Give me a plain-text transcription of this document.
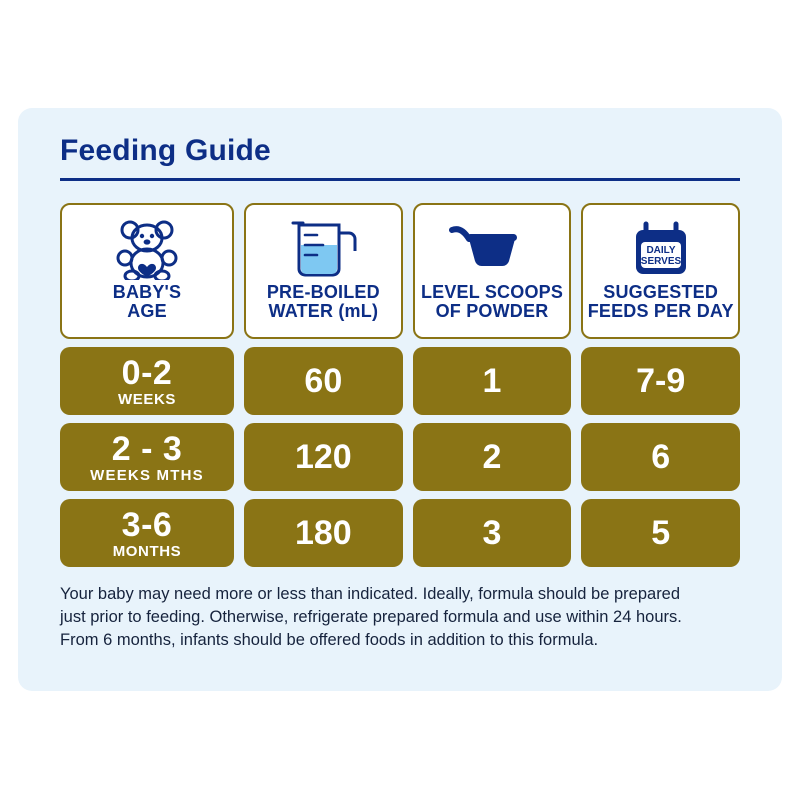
Feeding Guide
BABY'S
AGE
0-2
WEEKS
2 - 3
WEEKS MTHS
3-6
MONTHS
PRE-BOILED
WATER (mL)
60
120
180
LEVEL SCOOPS
OF POWDER
1
2
3
DAILY
SERVES
SUGGESTED
FEEDS PER DAY
7-9
6
5

Your baby may need more or less than indicated. Ideally, formula should be prepared

just prior to feeding. Otherwise, refrigerate prepared formula and use within 24 hours.

From 6 months, infants should be offered foods in addition to this formula.
